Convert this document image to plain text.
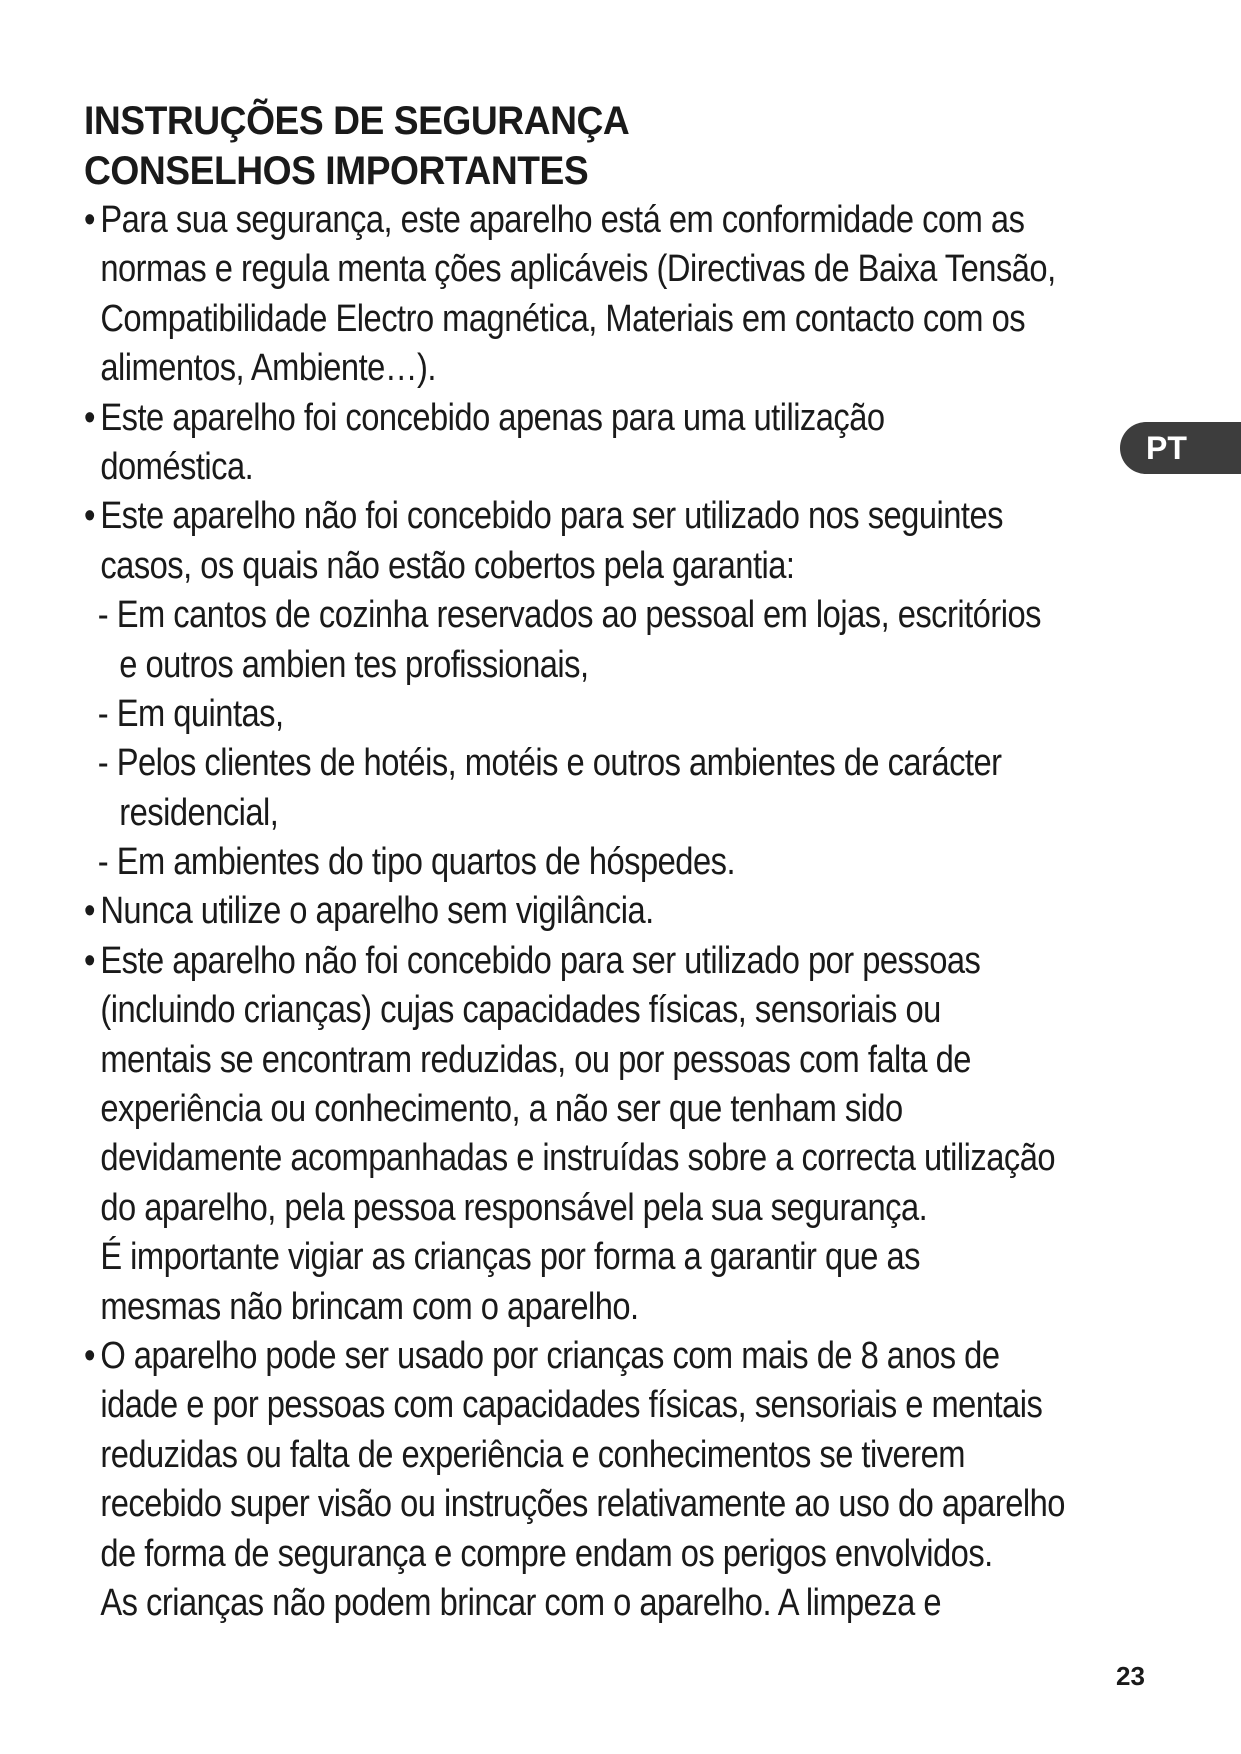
INSTRUÇÕES DE SEGURANÇA
CONSELHOS IMPORTANTES
• Para sua segurança, este aparelho está em conformidade com as
normas e regula menta ções aplicáveis (Directivas de Baixa Tensão,
Compatibilidade Electro magnética, Materiais em contacto com os
alimentos, Ambiente…).
• Este aparelho foi concebido apenas para uma utilização
doméstica.
• Este aparelho não foi concebido para ser utilizado nos seguintes
casos, os quais não estão cobertos pela garantia:
- Em cantos de cozinha reservados ao pessoal em lojas, escritórios
e outros ambien tes profissionais,
- Em quintas,
- Pelos clientes de hotéis, motéis e outros ambientes de carácter
residencial,
- Em ambientes do tipo quartos de hóspedes.
• Nunca utilize o aparelho sem vigilância.
• Este aparelho não foi concebido para ser utilizado por pessoas
(incluindo crianças) cujas capacidades físicas, sensoriais ou
mentais se encontram reduzidas, ou por pessoas com falta de
experiência ou conhecimento, a não ser que tenham sido
devidamente acompanhadas e instruídas sobre a correcta utilização
do aparelho, pela pessoa responsável pela sua segurança.
É importante vigiar as crianças por forma a garantir que as
mesmas não brincam com o aparelho.
• O aparelho pode ser usado por crianças com mais de 8 anos de
idade e por pessoas com capacidades físicas, sensoriais e mentais
reduzidas ou falta de experiência e conhecimentos se tiverem
recebido super visão ou instruções relativamente ao uso do aparelho
de forma de segurança e compre endam os perigos envolvidos.
As crianças não podem brincar com o aparelho. A limpeza e
PT
23
